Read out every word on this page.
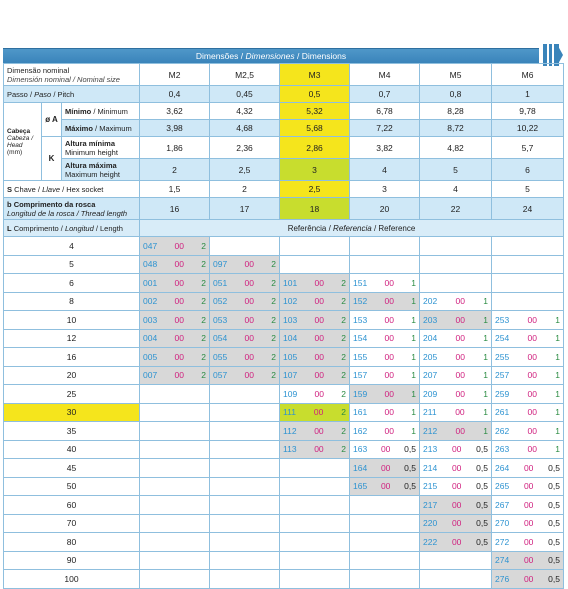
Dimensões / Dimensiones / Dimensions
Dimensão nominal
Dimensión nominal / Nominal size			M2	M2,5	M3	M4	M5	M6
Passo / Paso / Pitch			0,4	0,45	0,5	0,7	0,8	1
Cabeça
Cabeza / Head
(mm)	ø A	Mínimo / Minimum	3,62	4,32	5,32	6,78	8,28	9,78
		Máximo / Maximum	3,98	4,68	5,68	7,22	8,72	10,22
	K	Altura mínima
Minimum height	1,86	2,36	2,86	3,82	4,82	5,7
		Altura máxima
Maximum height	2	2,5	3	4	5	6
S Chave / Llave / Hex socket			1,5	2	2,5	3	4	5
b Comprimento da rosca
Longitud de la rosca / Thread length			16	17	18	20	22	24
L Comprimento / Longitud / Length			Referência / Referencia / Reference					
4			047 00 2					

5			048 00 2	097 00 2				

6			001 00 2	051 00 2	101 00 2	151 00 1		

8			002 00 2	052 00 2	102 00 2	152 00 1	202 00 1	

10			003 00 2	053 00 2	103 00 2	153 00 1	203 00 1	253 00 1

12			004 00 2	054 00 2	104 00 2	154 00 1	204 00 1	254 00 1

16			005 00 2	055 00 2	105 00 2	155 00 1	205 00 1	255 00 1

20			007 00 2	057 00 2	107 00 2	157 00 1	207 00 1	257 00 1

25					109 00 2	159 00 1	209 00 1	259 00 1

30					111 00 2	161 00 1	211 00 1	261 00 1

35					112 00 2	162 00 1	212 00 1	262 00 1

40					113 00 2	163 00 0,5	213 00 0,5	263 00 1

45						164 00 0,5	214 00 0,5	264 00 0,5

50						165 00 0,5	215 00 0,5	265 00 0,5

60							217 00 0,5	267 00 0,5

70							220 00 0,5	270 00 0,5

80							222 00 0,5	272 00 0,5

90								274 00 0,5

100								276 00 0,5
